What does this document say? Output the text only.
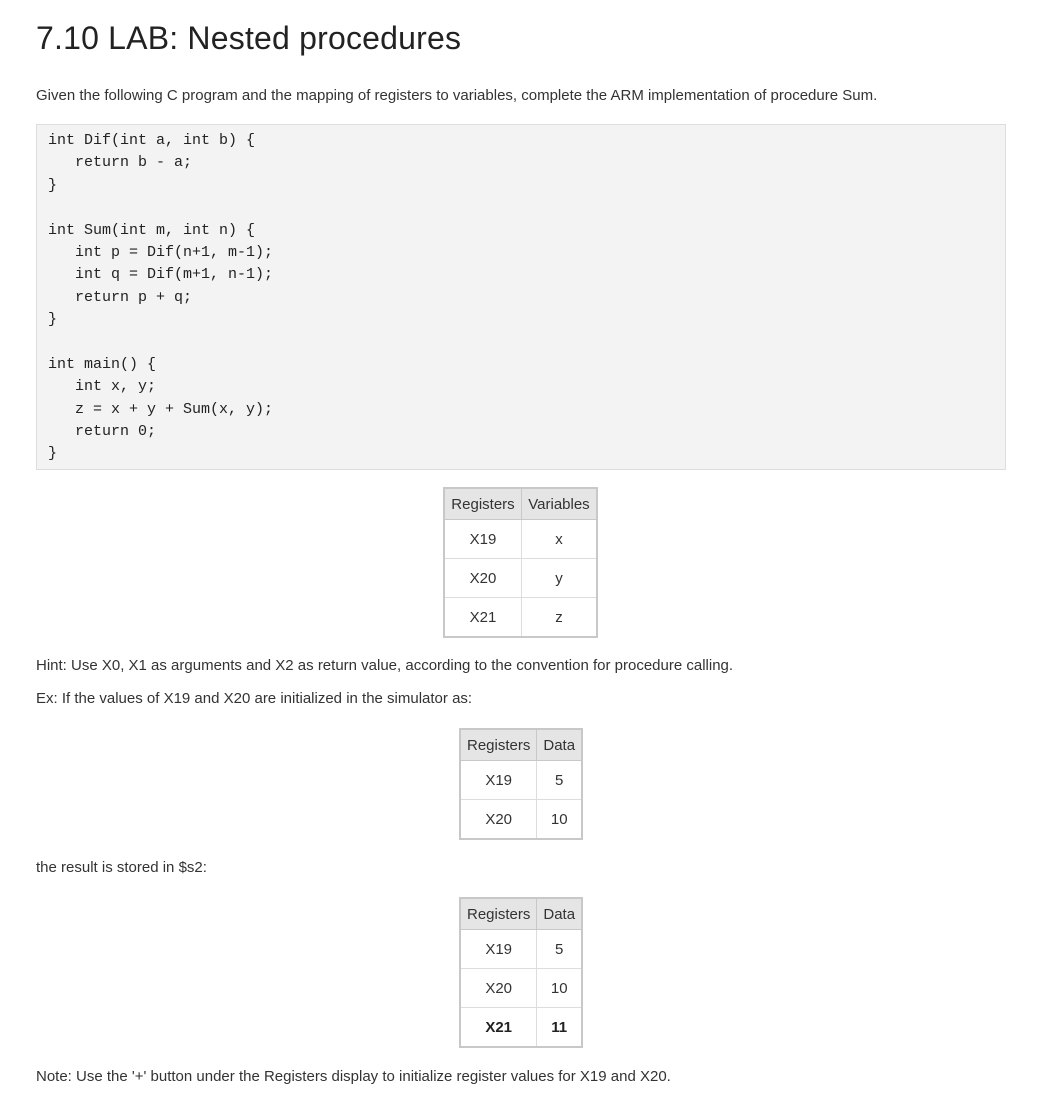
7.10 LAB: Nested procedures
Given the following C program and the mapping of registers to variables, complete the ARM implementation of procedure Sum.
int Dif(int a, int b) {
return b - a;
}
int Sum(int m, int n) {
int p = Dif(n+1, m-1);
int q = Dif(m+1, n-1);
return p + q;
}
int main() {
int x, y;
z = x + y + Sum(x, y);
return 0;
}
Registers	Variables
X19	x
X20	y
X21	z
Hint: Use X0, X1 as arguments and X2 as return value, according to the convention for procedure calling.
Ex: If the values of X19 and X20 are initialized in the simulator as:
Registers	Data
X19	5
X20	10
the result is stored in $s2:
Registers	Data
X19	5
X20	10
X21	11
Note: Use the '+' button under the Registers display to initialize register values for X19 and X20.
